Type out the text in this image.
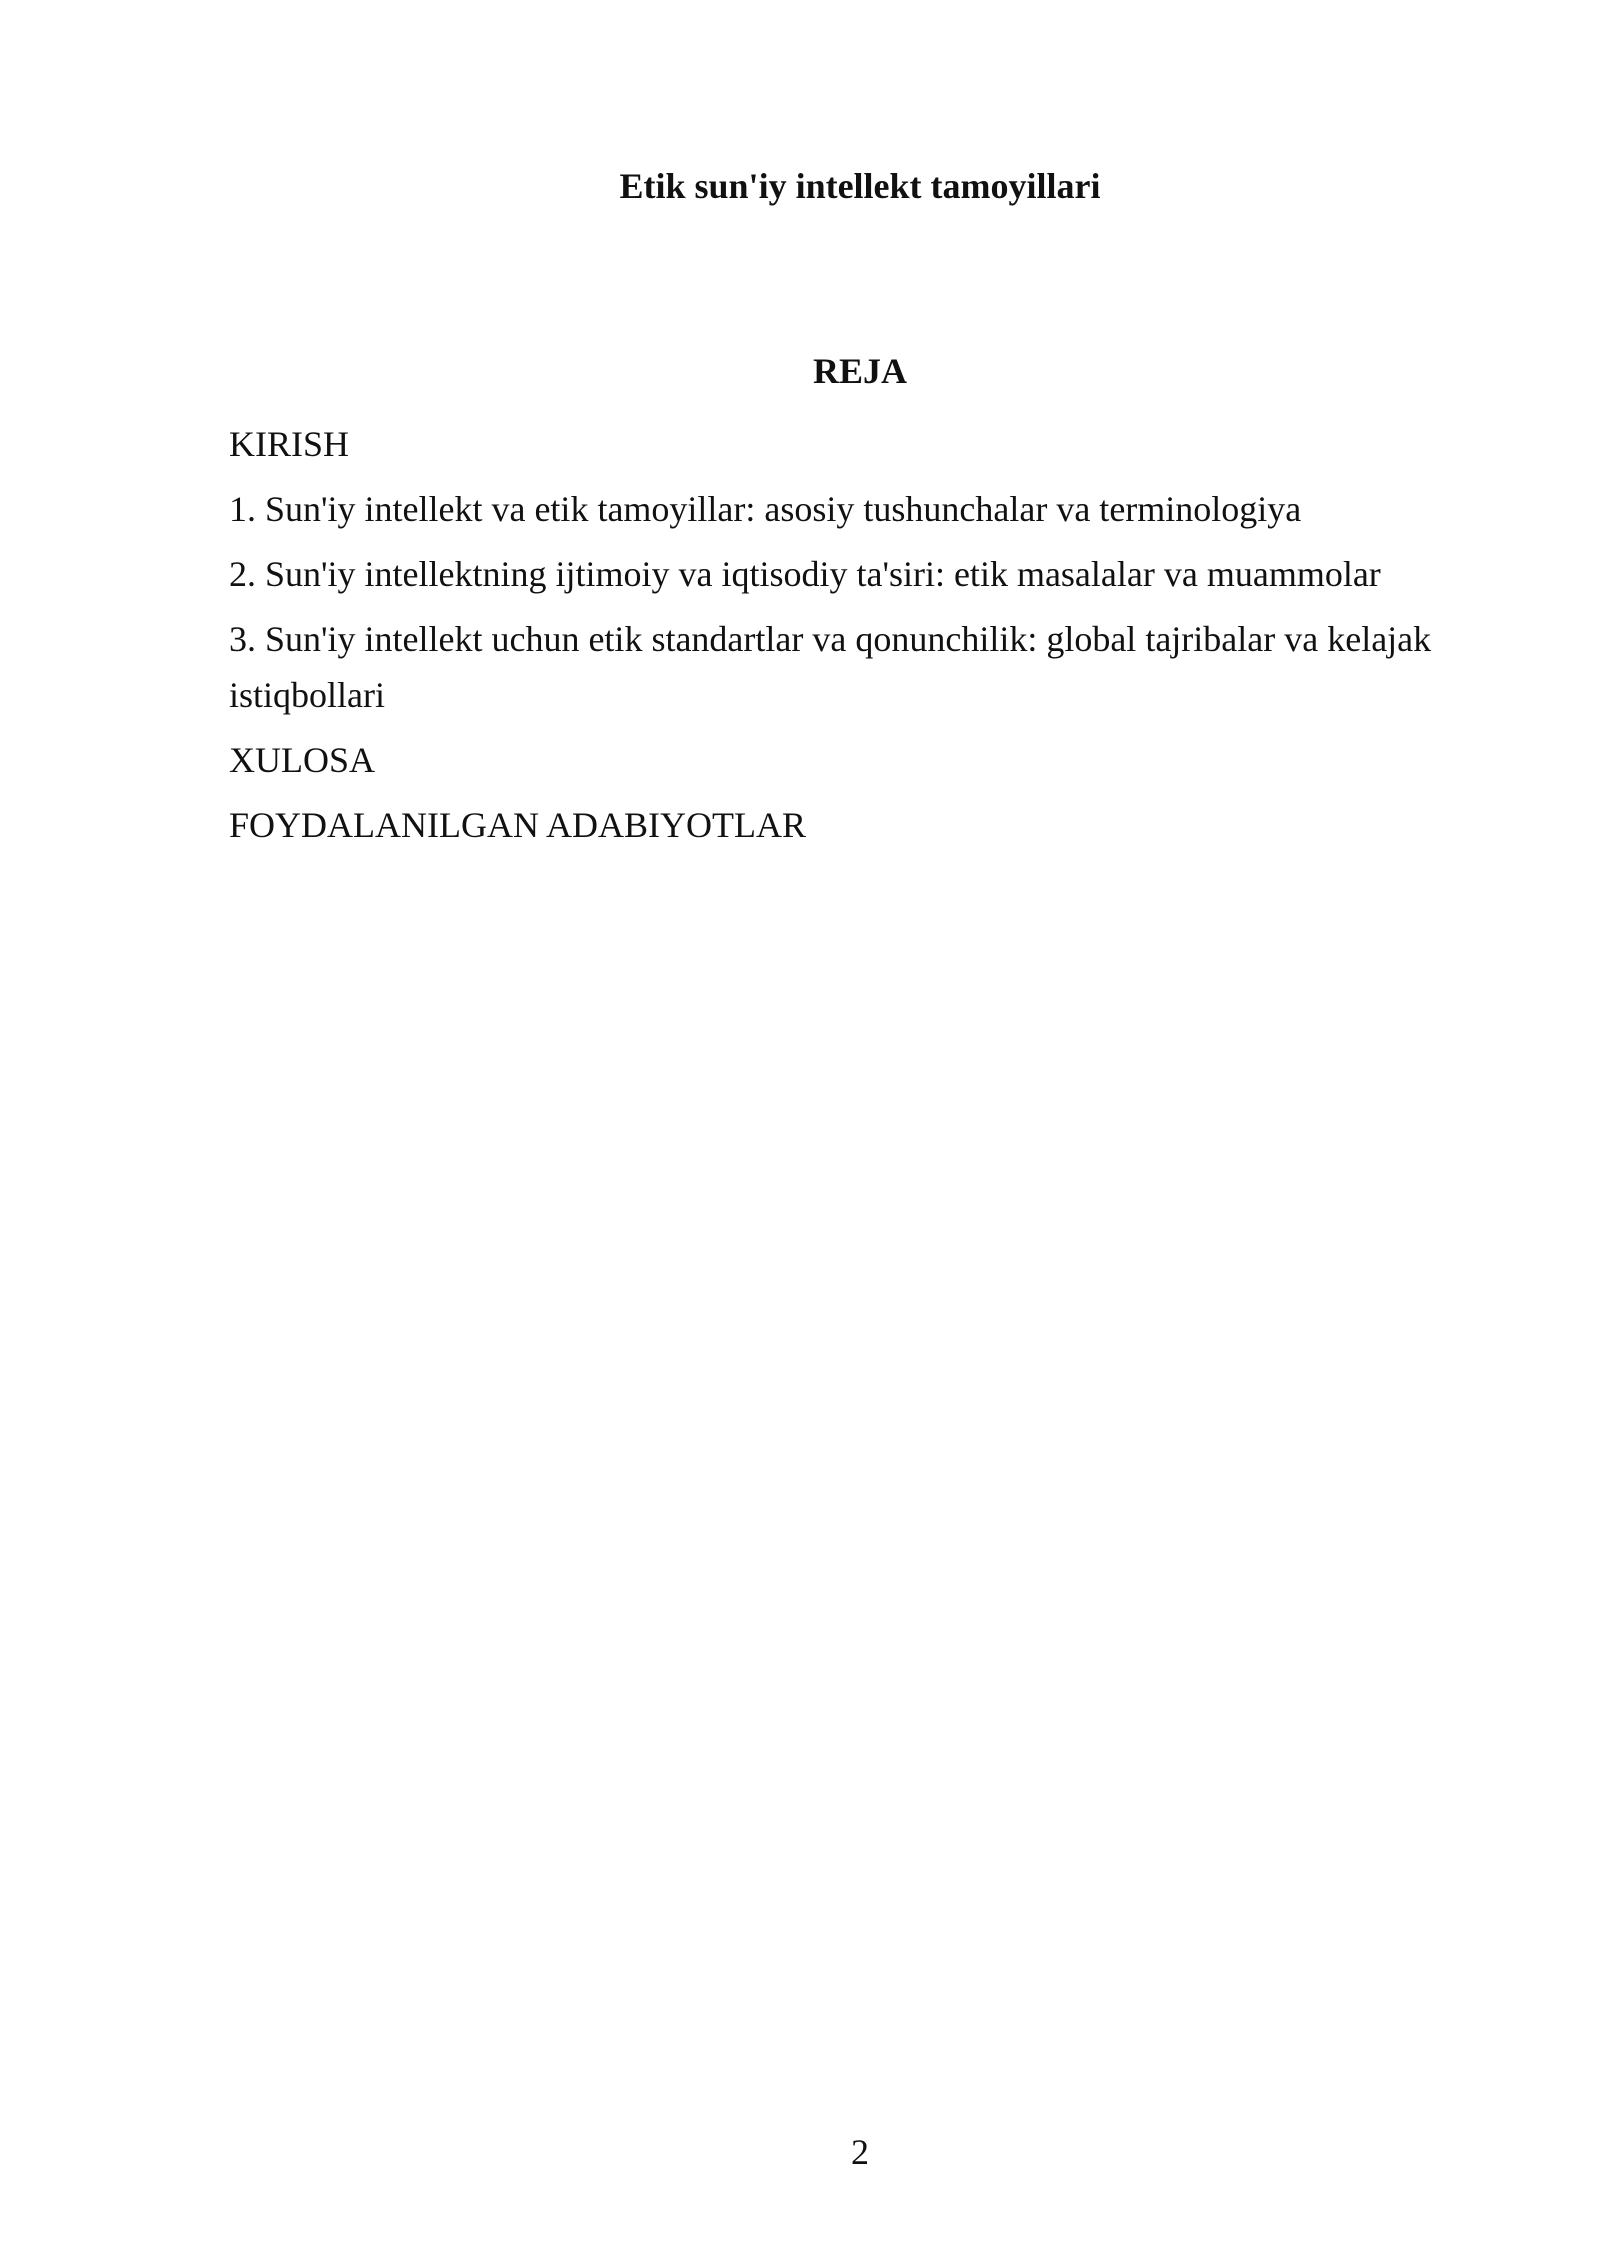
Etik sun'iy intellekt tamoyillari
REJA
KIRISH
1. Sun'iy intellekt va etik tamoyillar: asosiy tushunchalar va terminologiya
2. Sun'iy intellektning ijtimoiy va iqtisodiy ta'siri: etik masalalar va muammolar
3. Sun'iy intellekt uchun etik standartlar va qonunchilik: global tajribalar va kelajak istiqbollari
XULOSA
FOYDALANILGAN ADABIYOTLAR
2
